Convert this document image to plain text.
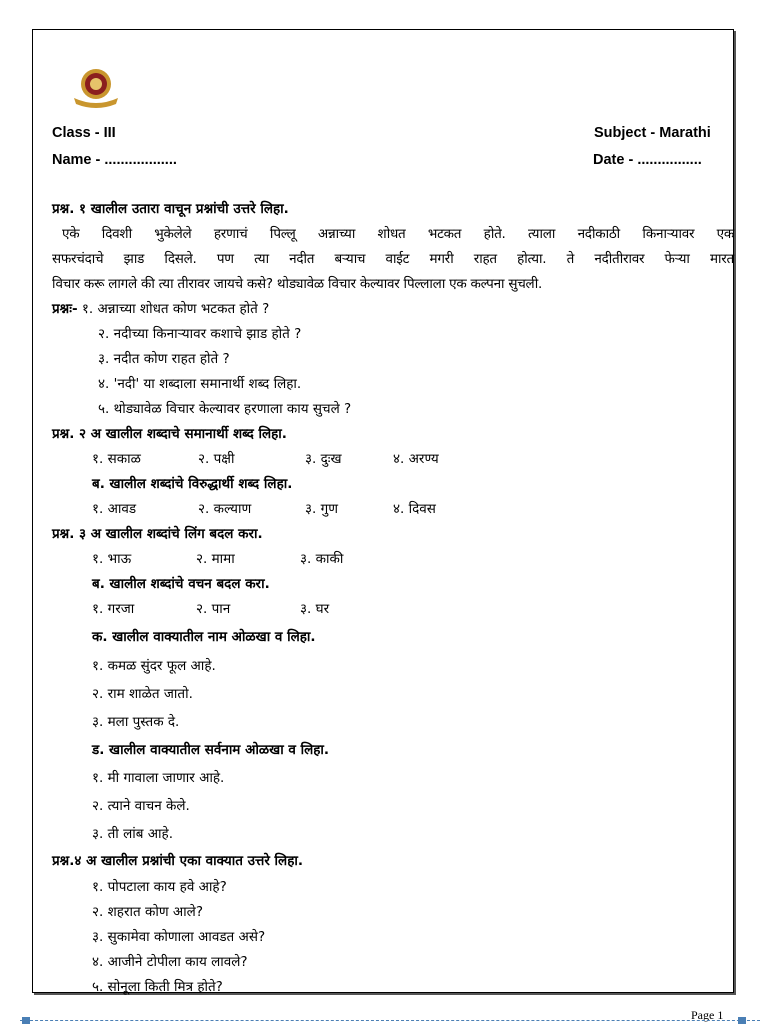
Class - III	Subject - Marathi
Name - ..................	Date - ................
प्रश्न. १ खालील उतारा वाचून प्रश्नांची उत्तरे लिहा.
एके दिवशी भुकेलेले हरणाचं पिल्लू अन्नाच्या शोधत भटकत होते. त्याला नदीकाठी किनाऱ्यावर एक
सफरचंदाचे झाड दिसले. पण त्या नदीत बऱ्याच वाईट मगरी राहत होत्या. ते नदीतीरावर फेऱ्या मारत
विचार करू लागले की त्या तीरावर जायचे कसे? थोड्यावेळ विचार केल्यावर पिल्लाला एक कल्पना सुचली.
प्रश्नः- १. अन्नाच्या शोधत कोण भटकत होते ?
२. नदीच्या किनाऱ्यावर कशाचे झाड होते ?
३. नदीत कोण राहत होते ?
४. 'नदी' या शब्दाला समानार्थी शब्द लिहा.
५. थोड्यावेळ विचार केल्यावर हरणाला काय सुचले ?
प्रश्न. २ अ खालील शब्दाचे समानार्थी शब्द लिहा.
१. सकाळ	२. पक्षी	३. दुःख	४. अरण्य
ब. खालील शब्दांचे विरुद्धार्थी शब्द लिहा.
१. आवड	२. कल्याण	३. गुण	४. दिवस
प्रश्न. ३ अ खालील शब्दांचे लिंग बदल करा.
१. भाऊ	२. मामा	३. काकी
ब. खालील शब्दांचे वचन बदल करा.
१. गरजा	२. पान	३. घर
क. खालील वाक्यातील नाम ओळखा व लिहा.
१. कमळ सुंदर फूल आहे.
२. राम शाळेत जातो.
३. मला पुस्तक दे.
ड. खालील वाक्यातील सर्वनाम ओळखा व लिहा.
१. मी गावाला जाणार आहे.
२. त्याने वाचन केले.
३. ती लांब आहे.
प्रश्न.४ अ खालील प्रश्नांची एका वाक्यात उत्तरे लिहा.
१. पोपटाला काय हवे आहे?
२. शहरात कोण आले?
३. सुकामेवा कोणाला आवडत असे?
४. आजीने टोपीला काय लावले?
५. सोनूला किती मित्र होते?
Page 1
